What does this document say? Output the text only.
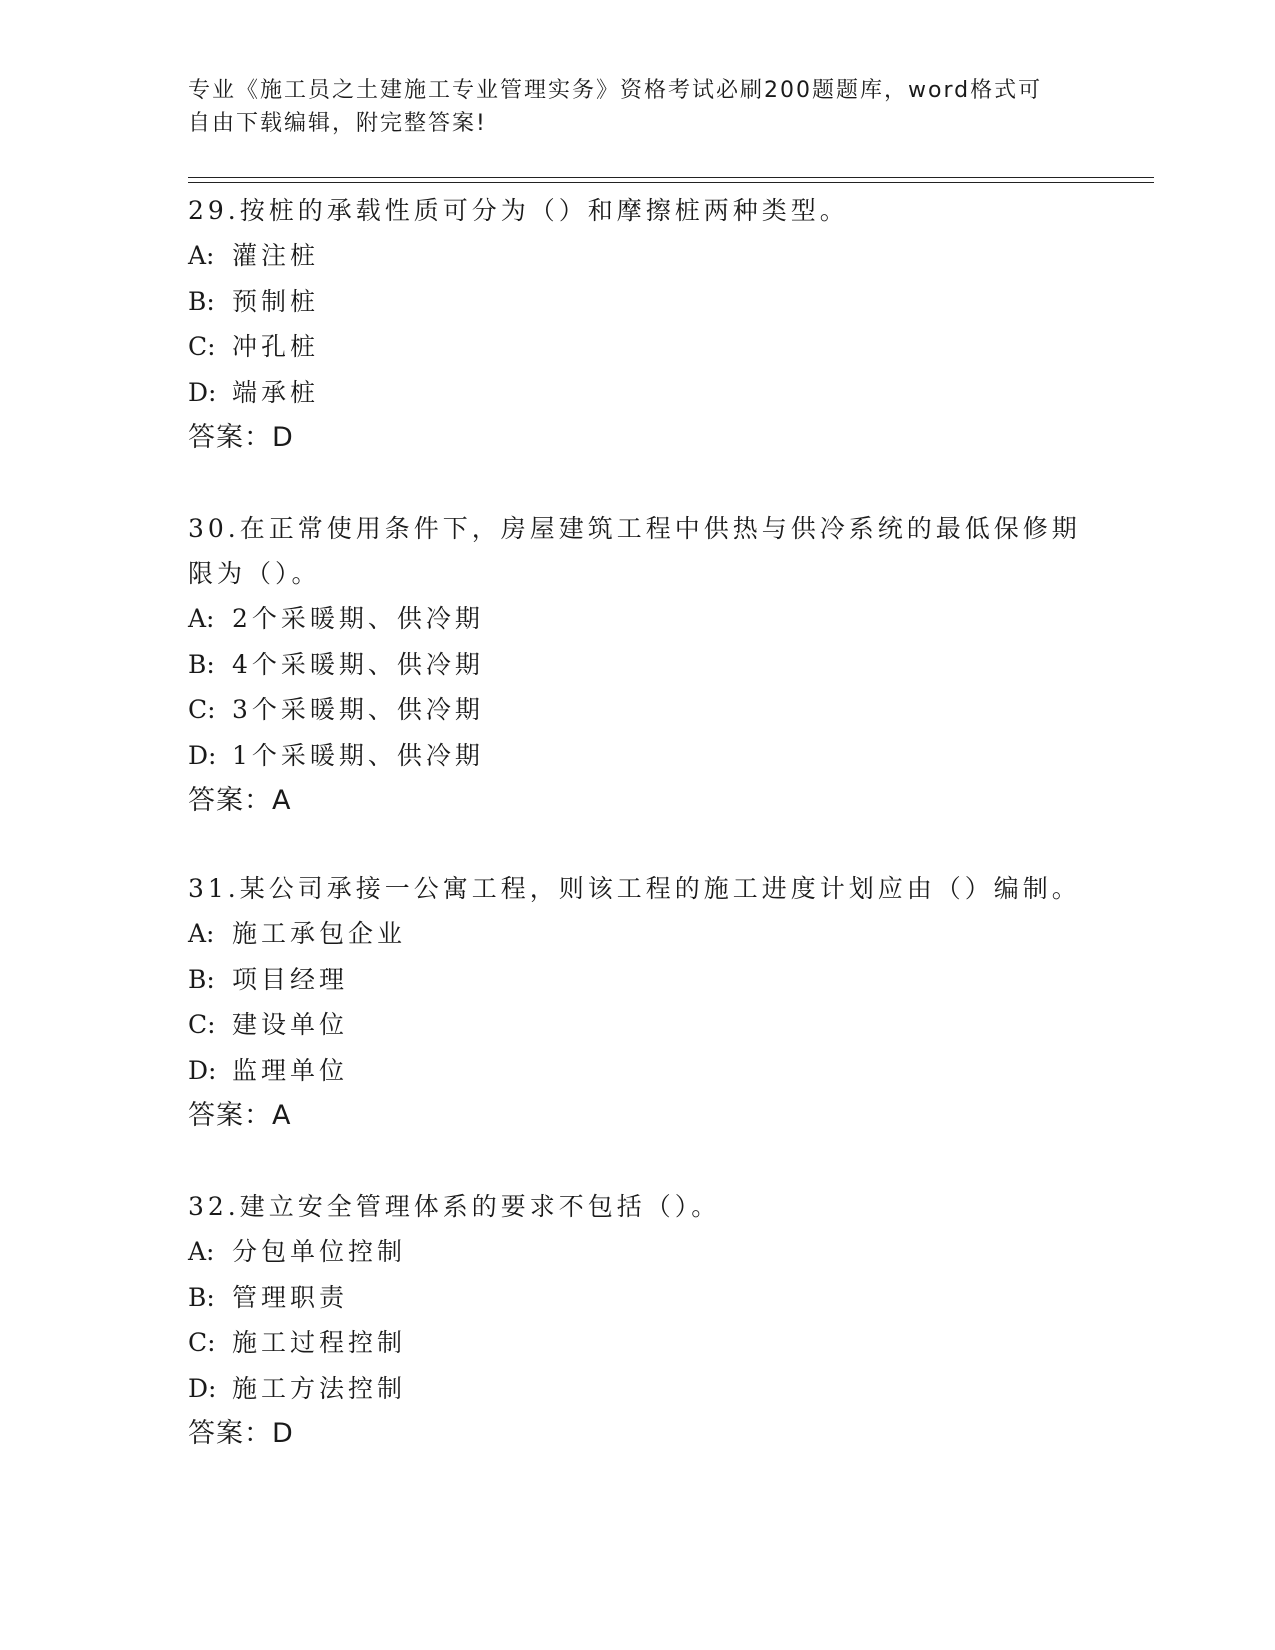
专业《施工员之土建施工专业管理实务》资格考试必刷200题题库，word格式可
自由下载编辑，附完整答案!

29.按桩的承载性质可分为（）和摩擦桩两种类型。

A: 灌注桩

B: 预制桩

C: 冲孔桩

D: 端承桩

答案：D

30.在正常使用条件下，房屋建筑工程中供热与供冷系统的最低保修期限为（）。

A: 2个采暖期、供冷期

B: 4个采暖期、供冷期

C: 3个采暖期、供冷期

D: 1个采暖期、供冷期

答案：A

31.某公司承接一公寓工程，则该工程的施工进度计划应由（）编制。

A: 施工承包企业

B: 项目经理

C: 建设单位

D: 监理单位

答案：A

32.建立安全管理体系的要求不包括（）。

A: 分包单位控制

B: 管理职责

C: 施工过程控制

D: 施工方法控制

答案：D
